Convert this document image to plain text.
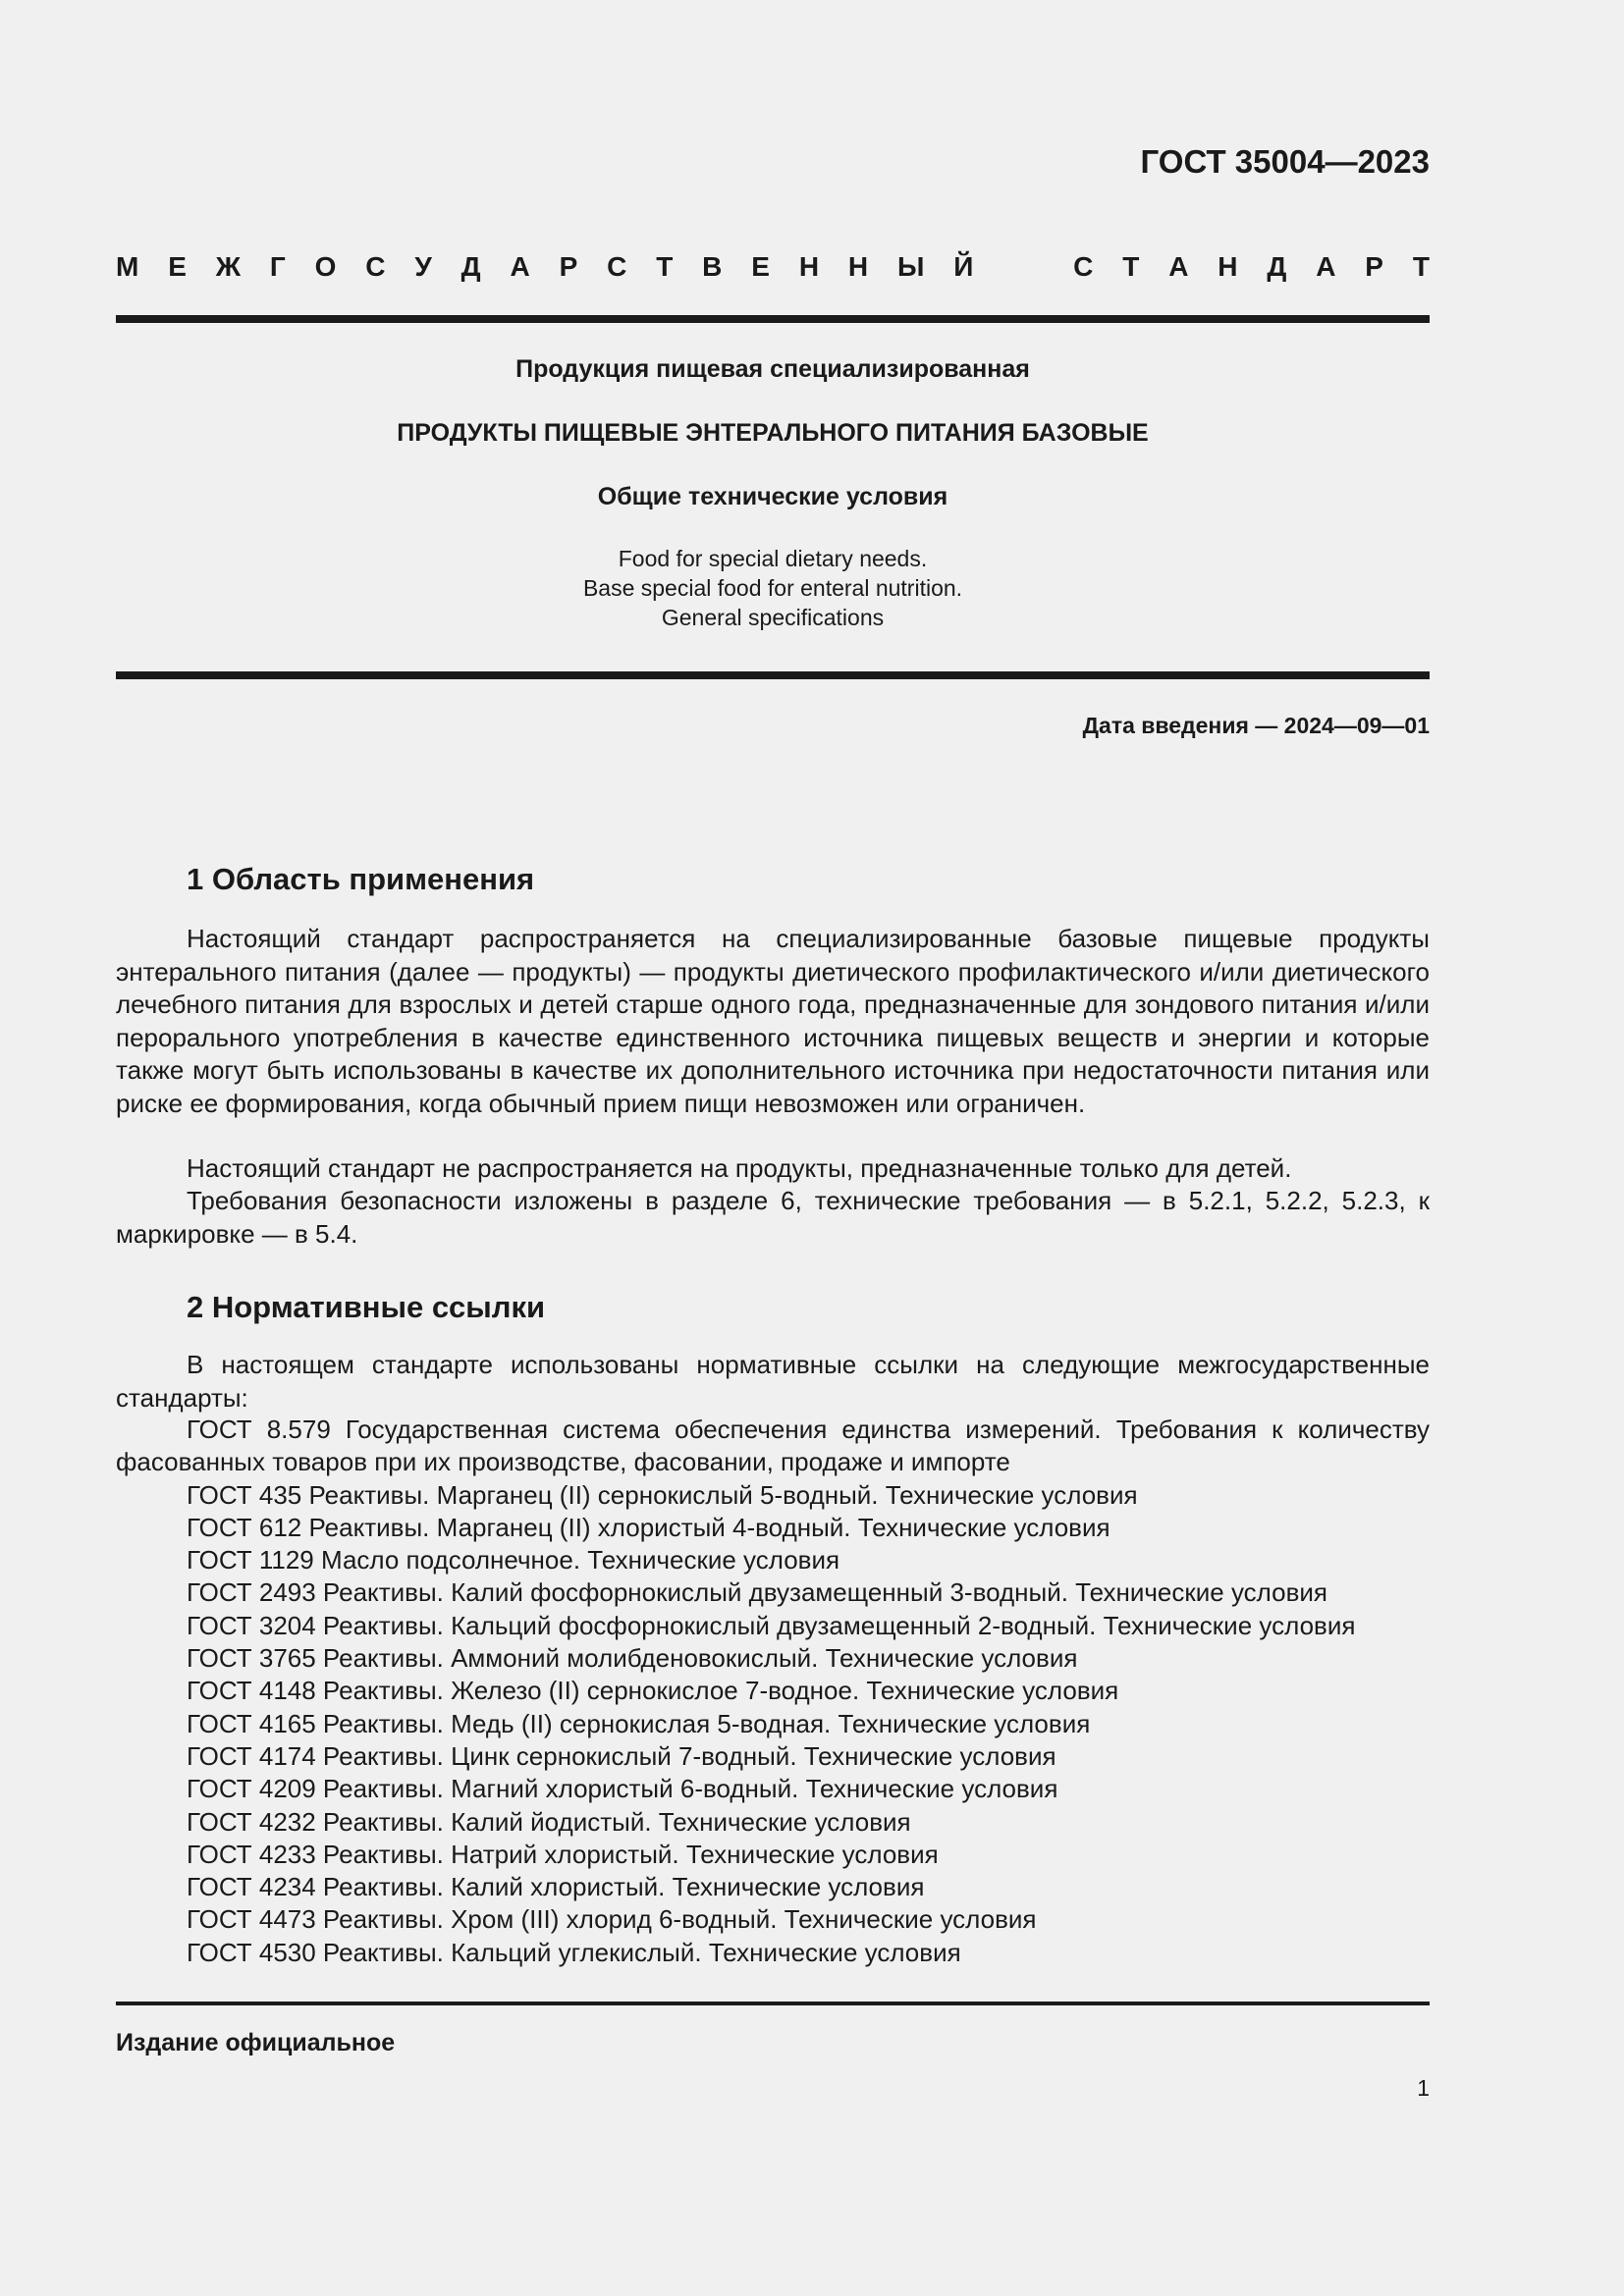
ГОСТ 35004—2023
М Е Ж Г О С У Д А Р С Т В Е Н Н Ы Й	С Т А Н Д А Р Т
Продукция пищевая специализированная
ПРОДУКТЫ ПИЩЕВЫЕ ЭНТЕРАЛЬНОГО ПИТАНИЯ БАЗОВЫЕ
Общие технические условия
Food for special dietary needs.
Base special food for enteral nutrition.
General specifications
Дата введения — 2024—09—01
1 Область применения

Настоящий стандарт распространяется на специализированные базовые пищевые продукты энтерального питания (далее — продукты) — продукты диетического профилактического и/или диетического лечебного питания для взрослых и детей старше одного года, предназначенные для зондового питания и/или перорального употребления в качестве единственного источника пищевых веществ и энергии и которые также могут быть использованы в качестве их дополнительного источника при недостаточности питания или риске ее формирования, когда обычный прием пищи невозможен или ограничен.

Настоящий стандарт не распространяется на продукты, предназначенные только для детей.

Требования безопасности изложены в разделе 6, технические требования — в 5.2.1, 5.2.2, 5.2.3, к маркировке — в 5.4.

2 Нормативные ссылки

В настоящем стандарте использованы нормативные ссылки на следующие межгосударственные стандарты:

ГОСТ 8.579 Государственная система обеспечения единства измерений. Требования к количеству фасованных товаров при их производстве, фасовании, продаже и импорте
ГОСТ 435 Реактивы. Марганец (II) сернокислый 5-водный. Технические условия
ГОСТ 612 Реактивы. Марганец (II) хлористый 4-водный. Технические условия
ГОСТ 1129 Масло подсолнечное. Технические условия
ГОСТ 2493 Реактивы. Калий фосфорнокислый двузамещенный 3-водный. Технические условия
ГОСТ 3204 Реактивы. Кальций фосфорнокислый двузамещенный 2-водный. Технические условия
ГОСТ 3765 Реактивы. Аммоний молибденовокислый. Технические условия
ГОСТ 4148 Реактивы. Железо (II) сернокислое 7-водное. Технические условия
ГОСТ 4165 Реактивы. Медь (II) сернокислая 5-водная. Технические условия
ГОСТ 4174 Реактивы. Цинк сернокислый 7-водный. Технические условия
ГОСТ 4209 Реактивы. Магний хлористый 6-водный. Технические условия
ГОСТ 4232 Реактивы. Калий йодистый. Технические условия
ГОСТ 4233 Реактивы. Натрий хлористый. Технические условия
ГОСТ 4234 Реактивы. Калий хлористый. Технические условия
ГОСТ 4473 Реактивы. Хром (III) хлорид 6-водный. Технические условия
ГОСТ 4530 Реактивы. Кальций углекислый. Технические условия
Издание официальное
1
